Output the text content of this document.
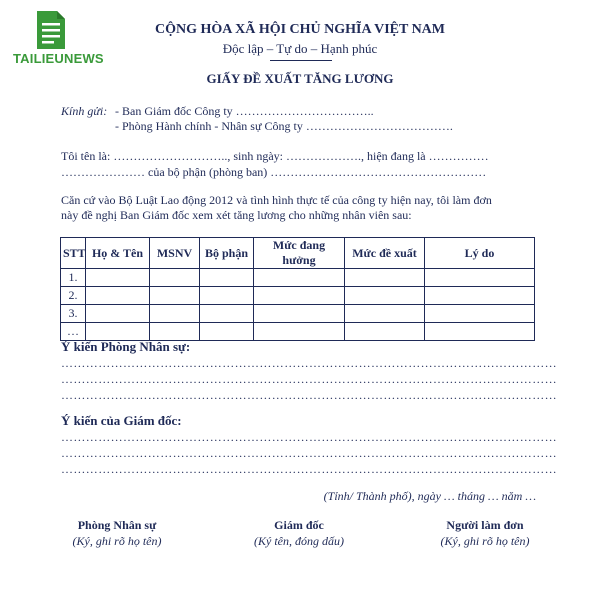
TAILIEUNEWS
CỘNG HÒA XÃ HỘI CHỦ NGHĨA VIỆT NAM
Độc lập – Tự do – Hạnh phúc
GIẤY ĐỀ XUẤT TĂNG LƯƠNG
Kính gửi: - Ban Giám đốc Công ty ……………………………..
- Phòng Hành chính - Nhân sự Công ty ……………………………….
Tôi tên là: ……………………….., sinh ngày: ………………., hiện đang là ……………
………………… của bộ phận (phòng ban) ………………………………………………
Căn cứ vào Bộ Luật Lao động 2012 và tình hình thực tế của công ty hiện nay, tôi làm đơn
này đề nghị Ban Giám đốc xem xét tăng lương cho những nhân viên sau:
STT	Họ & Tên	MSNV	Bộ phận	Mức đang hưởng	Mức đề xuất	Lý do
1.						
2.						
3.						
…						
Ý kiến Phòng Nhân sự:
…………………………………………………………………………………………………………
…………………………………………………………………………………………………………
…………………………………………………………………………………………………………
Ý kiến của Giám đốc:
…………………………………………………………………………………………………………
…………………………………………………………………………………………………………
…………………………………………………………………………………………………………
(Tỉnh/ Thành phố), ngày … tháng … năm …
Phòng Nhân sự
(Ký, ghi rõ họ tên)
Giám đốc
(Ký tên, đóng dấu)
Người làm đơn
(Ký, ghi rõ họ tên)
